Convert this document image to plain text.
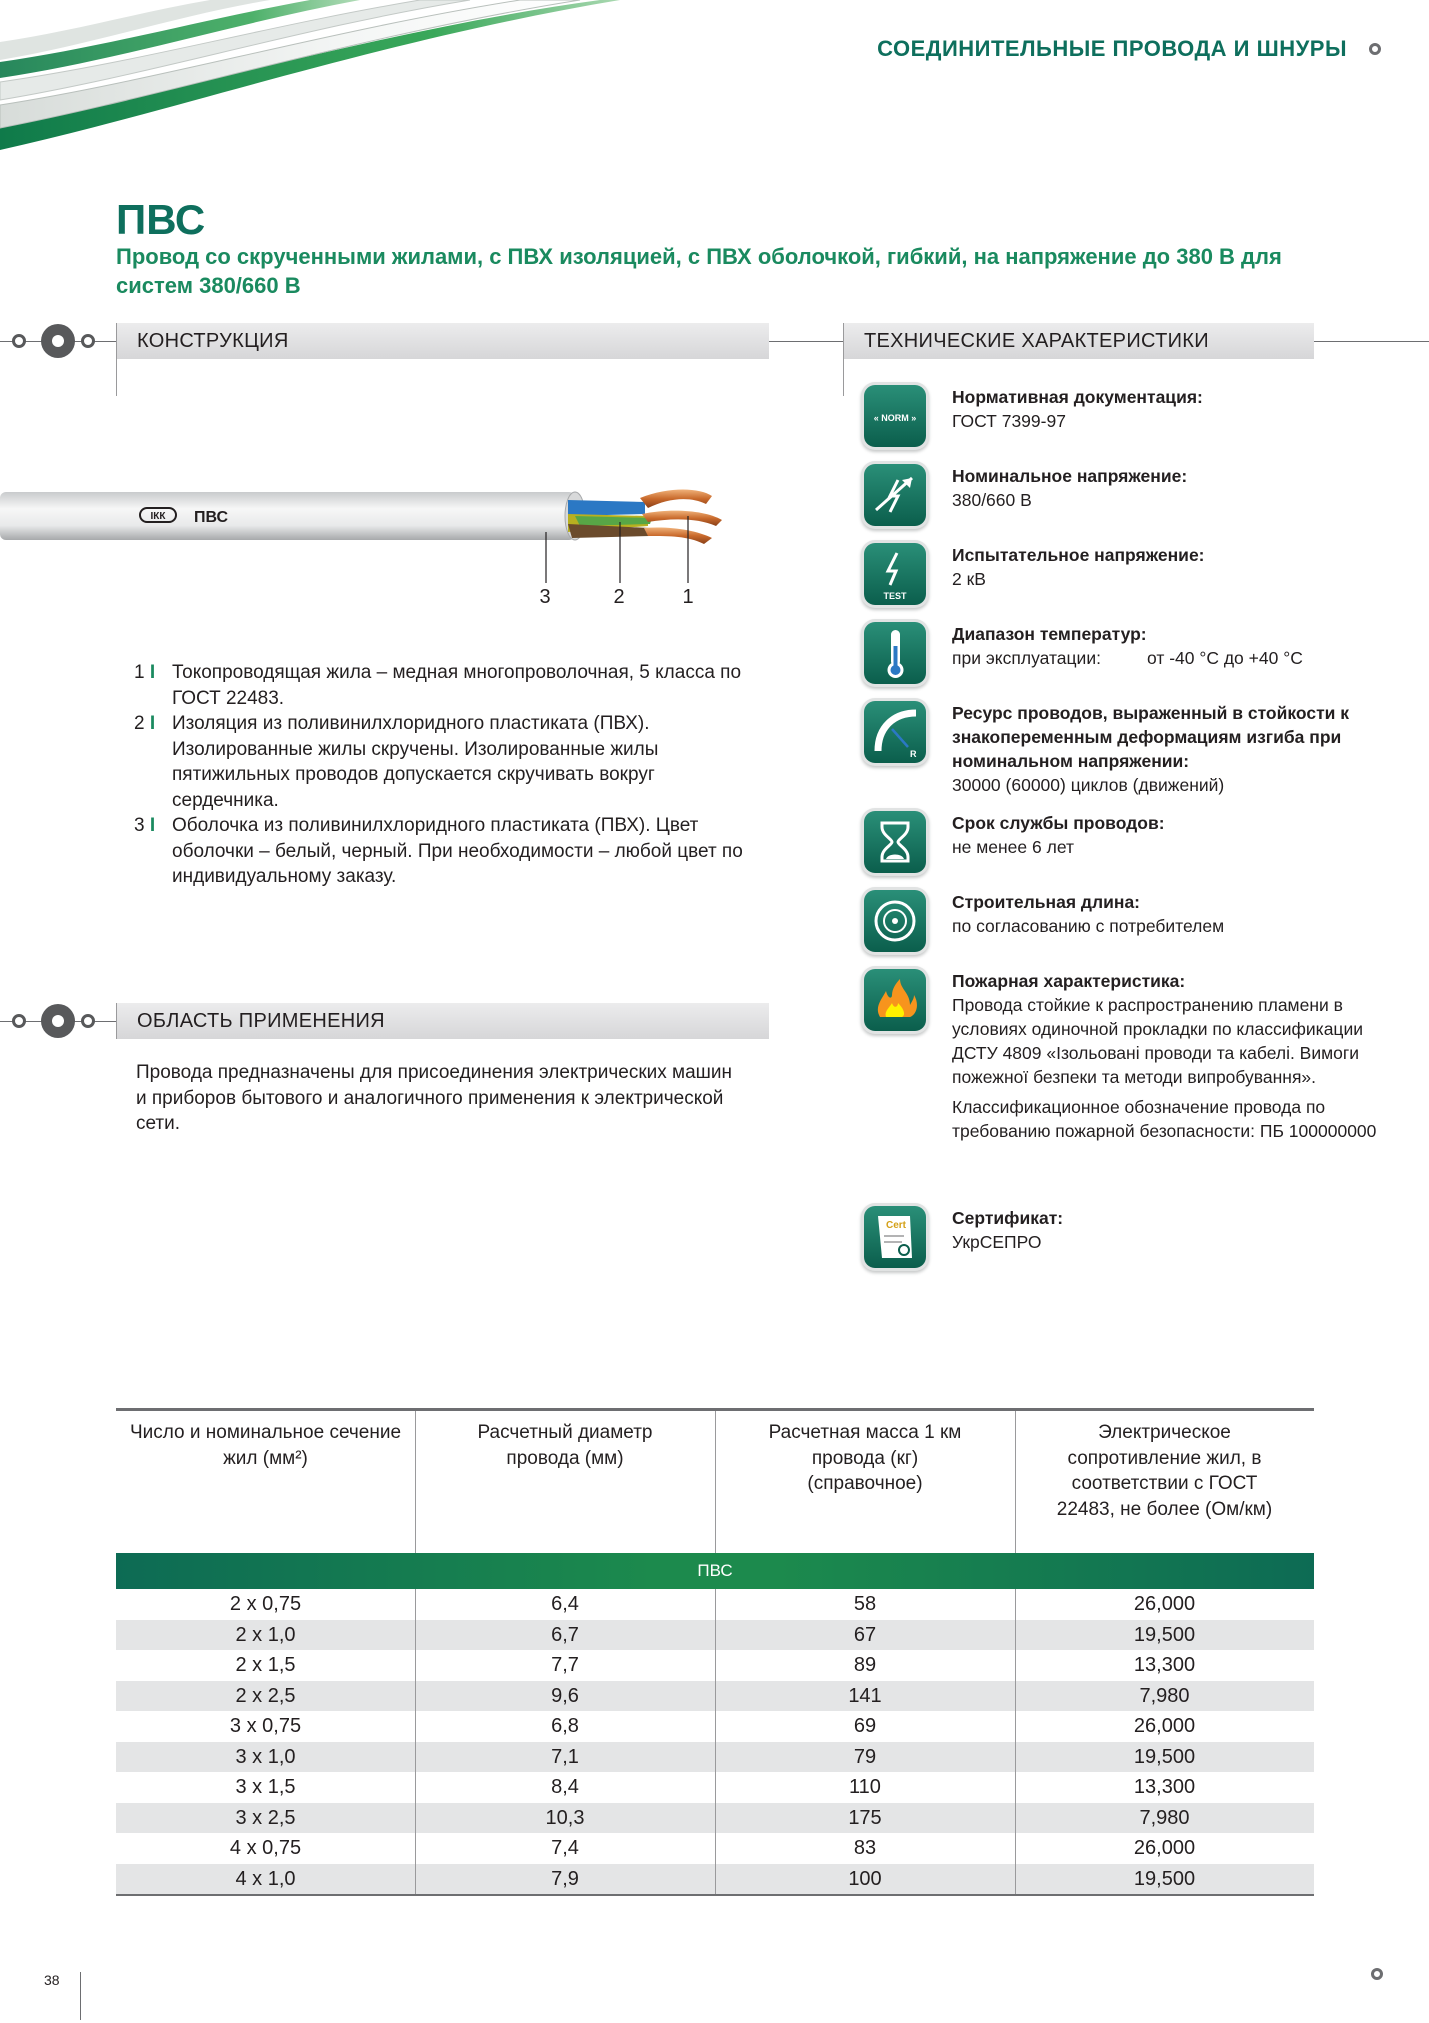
СОЕДИНИТЕЛЬНЫЕ ПРОВОДА И ШНУРЫ
ПВС
Провод со скрученными жилами, с ПВХ изоляцией, с ПВХ оболочкой, гибкий, на напряжение до 380 В для систем 380/660 В
КОНСТРУКЦИЯ	ТЕХНИЧЕСКИЕ ХАРАКТЕРИСТИКИ
ІКК ПВС
3	2	1
1 I Токопроводящая жила – медная многопроволочная, 5 класса по ГОСТ 22483.
2 I Изоляция из поливинилхлоридного пластиката (ПВХ). Изолированные жилы скручены. Изолированные жилы пятижильных проводов допускается скручивать вокруг сердечника.
3 I Оболочка из поливинилхлоридного пластиката (ПВХ). Цвет оболочки – белый, черный. При необходимости – любой цвет по индивидуальному заказу.
ОБЛАСТЬ ПРИМЕНЕНИЯ
Провода предназначены для присоединения электрических машин и приборов бытового и аналогичного применения к электрической сети.
« NORM »
Нормативная документация:
ГОСТ 7399-97
Номинальное напряжение:
380/660 В
TEST
Испытательное напряжение:
2 кВ
Диапазон температур:
при эксплуатации:	от -40 °С до +40 °С
R
Ресурс проводов, выраженный в стойкости к знакопеременным деформациям изгиба при номинальном напряжении:
30000 (60000) циклов (движений)
Срок службы проводов:
не менее 6 лет
Строительная длина:
по согласованию с потребителем
Пожарная характеристика:
Провода стойкие к распространению пламени в условиях одиночной прокладки по классификации ДСТУ 4809 «Ізольовані проводи та кабелі. Вимоги пожежної безпеки та методи випробування».
Классификационное обозначение провода по требованию пожарной безопасности: ПБ 100000000
Cert	Сертификат:
УкрСЕПРО
Число и номинальное сечение жил (мм²)
Расчетный диаметр провода (мм)
Расчетная масса 1 км провода (кг) (справочное)
Электрическое сопротивление жил, в соответствии с ГОСТ 22483, не более (Ом/км)
ПВС
2 x 0,75	6,4	58	26,000
2 x 1,0	6,7	67	19,500
2 x 1,5	7,7	89	13,300
2 x 2,5	9,6	141	7,980
3 x 0,75	6,8	69	26,000
3 x 1,0	7,1	79	19,500
3 x 1,5	8,4	110	13,300
3 x 2,5	10,3	175	7,980
4 x 0,75	7,4	83	26,000
4 x 1,0	7,9	100	19,500
38
